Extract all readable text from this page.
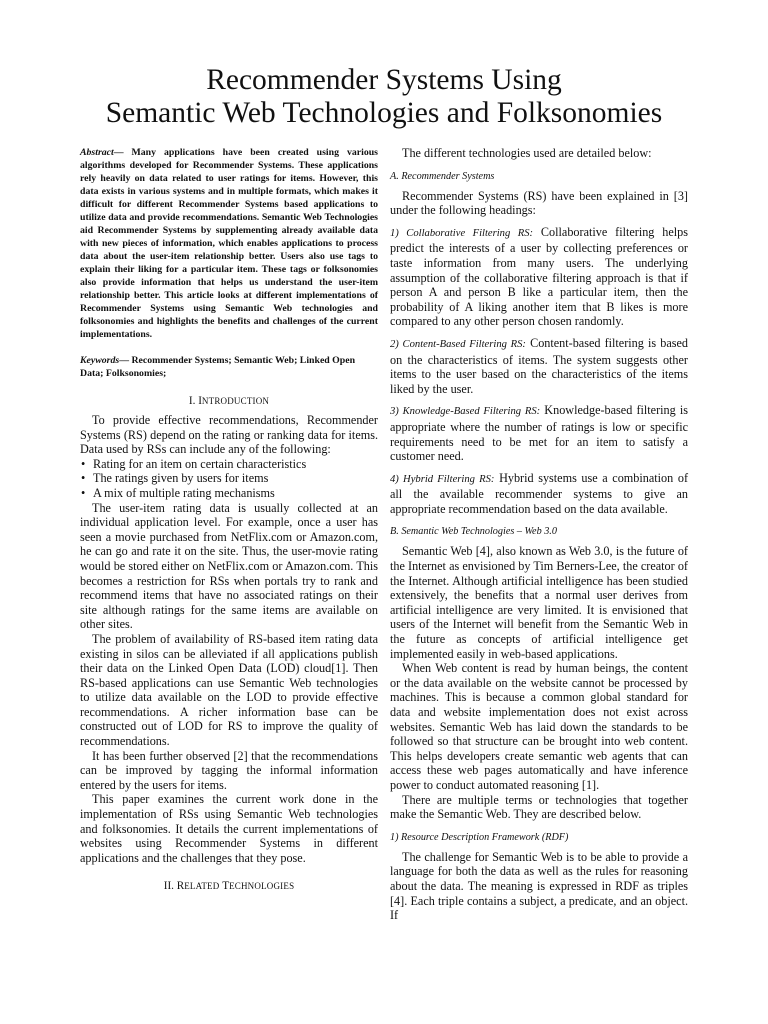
Recommender Systems Using
Semantic Web Technologies and Folksonomies

Abstract— Many applications have been created using various algorithms developed for Recommender Systems. These applications rely heavily on data related to user ratings for items. However, this data exists in various systems and in multiple formats, which makes it difficult for different Recommender Systems based applications to utilize data and provide recommendations. Semantic Web Technologies aid Recommender Systems by supplementing already available data with new pieces of information, which enables applications to process data about the user-item relationship better. Users also use tags to explain their liking for a particular item. These tags or folksonomies also provide information that helps us understand the user-item relationship better. This article looks at different implementations of Recommender Systems using Semantic Web technologies and folksonomies and highlights the benefits and challenges of the current implementations.

Keywords— Recommender Systems; Semantic Web; Linked Open Data; Folksonomies;

I. INTRODUCTION

To provide effective recommendations, Recommender Systems (RS) depend on the rating or ranking data for items. Data used by RSs can include any of the following:

• Rating for an item on certain characteristics
• The ratings given by users for items
• A mix of multiple rating mechanisms

The user-item rating data is usually collected at an individual application level. For example, once a user has seen a movie purchased from NetFlix.com or Amazon.com, he can go and rate it on the site. Thus, the user-movie rating would be stored either on NetFlix.com or Amazon.com. This becomes a restriction for RSs when portals try to rank and recommend items that have no associated ratings on their site although ratings for the same items are available on other sites.

The problem of availability of RS-based item rating data existing in silos can be alleviated if all applications publish their data on the Linked Open Data (LOD) cloud[1]. Then RS-based applications can use Semantic Web technologies to utilize data available on the LOD to provide effective recommendations. A richer information base can be constructed out of LOD for RS to improve the quality of recommendations.

It has been further observed [2] that the recommendations can be improved by tagging the informal information entered by the users for items.

This paper examines the current work done in the implementation of RSs using Semantic Web technologies and folksonomies. It details the current implementations of websites using Recommender Systems in different applications and the challenges that they pose.

II. RELATED TECHNOLOGIES

The different technologies used are detailed below:

A. Recommender Systems

Recommender Systems (RS) have been explained in [3] under the following headings:

1) Collaborative Filtering RS: Collaborative filtering helps predict the interests of a user by collecting preferences or taste information from many users. The underlying assumption of the collaborative filtering approach is that if person A and person B like a particular item, then the probability of A liking another item that B likes is more compared to any other person chosen randomly.

2) Content-Based Filtering RS: Content-based filtering is based on the characteristics of items. The system suggests other items to the user based on the characteristics of the items liked by the user.

3) Knowledge-Based Filtering RS: Knowledge-based filtering is appropriate where the number of ratings is low or specific requirements need to be met for an item to satisfy a customer need.

4) Hybrid Filtering RS: Hybrid systems use a combination of all the available recommender systems to give an appropriate recommendation based on the data available.

B. Semantic Web Technologies – Web 3.0

Semantic Web [4], also known as Web 3.0, is the future of the Internet as envisioned by Tim Berners-Lee, the creator of the Internet. Although artificial intelligence has been studied extensively, the benefits that a normal user derives from artificial intelligence are very limited. It is envisioned that users of the Internet will benefit from the Semantic Web in the future as concepts of artificial intelligence get implemented easily in web-based applications.

When Web content is read by human beings, the content or the data available on the website cannot be processed by machines. This is because a common global standard for data and website implementation does not exist across websites. Semantic Web has laid down the standards to be followed so that structure can be brought into web content. This helps developers create semantic web agents that can access these web pages automatically and have inference power to conduct automated reasoning [1].

There are multiple terms or technologies that together make the Semantic Web. They are described below.

1) Resource Description Framework (RDF)

The challenge for Semantic Web is to be able to provide a language for both the data as well as the rules for reasoning about the data. The meaning is expressed in RDF as triples [4]. Each triple contains a subject, a predicate, and an object. If
